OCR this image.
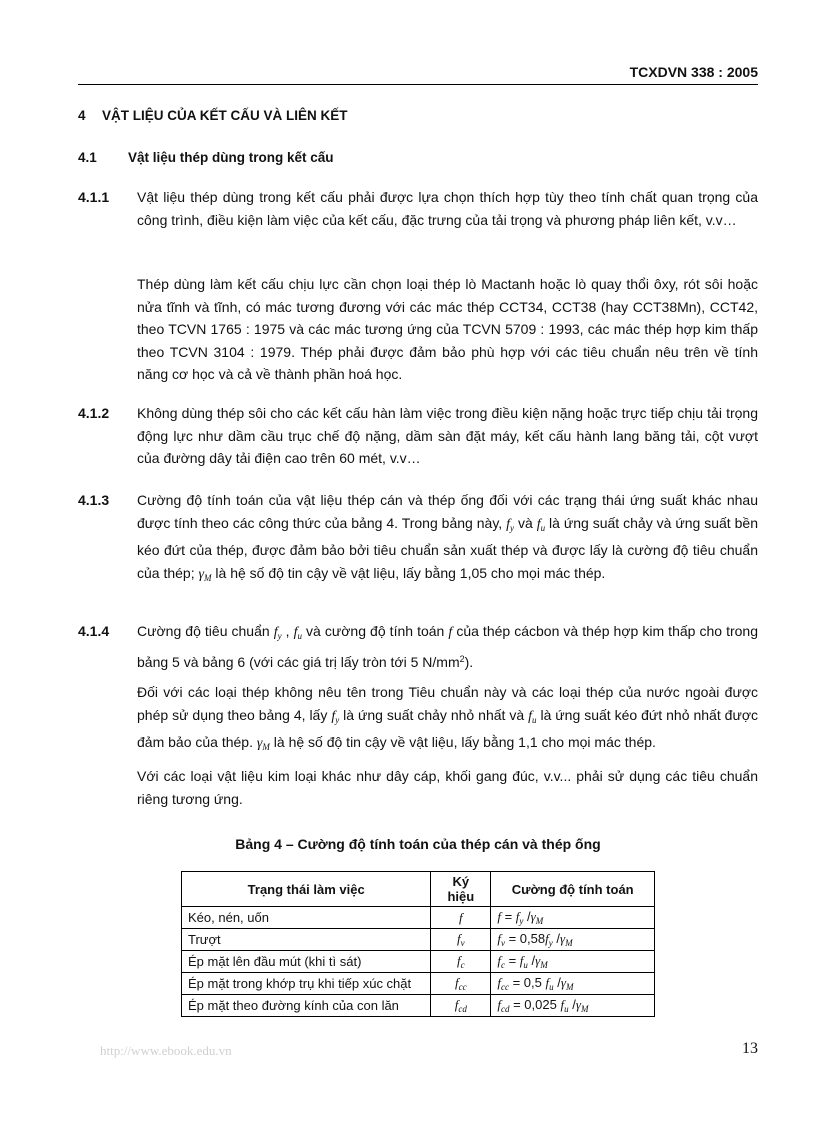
TCXDVN 338 : 2005
4 VẬT LIỆU CỦA KẾT CẤU VÀ LIÊN KẾT
4.1 Vật liệu thép dùng trong kết cấu
4.1.1 Vật liệu thép dùng trong kết cấu phải được lựa chọn thích hợp tùy theo tính chất quan trọng của công trình, điều kiện làm việc của kết cấu, đặc trưng của tải trọng và phương pháp liên kết, v.v…

Thép dùng làm kết cấu chịu lực cần chọn loại thép lò Mactanh hoặc lò quay thổi ôxy, rót sôi hoặc nửa tĩnh và tĩnh, có mác tương đương với các mác thép CCT34, CCT38 (hay CCT38Mn), CCT42, theo TCVN 1765 : 1975 và các mác tương ứng của TCVN 5709 : 1993, các mác thép hợp kim thấp theo TCVN 3104 : 1979. Thép phải được đảm bảo phù hợp với các tiêu chuẩn nêu trên về tính năng cơ học và cả về thành phần hoá học.

4.1.2 Không dùng thép sôi cho các kết cấu hàn làm việc trong điều kiện nặng hoặc trực tiếp chịu tải trọng động lực như dầm cầu trục chế độ nặng, dầm sàn đặt máy, kết cấu hành lang băng tải, cột vượt của đường dây tải điện cao trên 60 mét, v.v…

4.1.3 Cường độ tính toán của vật liệu thép cán và thép ống đối với các trạng thái ứng suất khác nhau được tính theo các công thức của bảng 4. Trong bảng này, $f_y$ và $f_u$ là ứng suất chảy và ứng suất bền kéo đứt của thép, được đảm bảo bởi tiêu chuẩn sản xuất thép và được lấy là cường độ tiêu chuẩn của thép; $\gamma_M$ là hệ số độ tin cậy về vật liệu, lấy bằng 1,05 cho mọi mác thép.

4.1.4 Cường độ tiêu chuẩn $f_y$ , $f_u$ và cường độ tính toán f của thép cácbon và thép hợp kim thấp cho trong bảng 5 và bảng 6 (với các giá trị lấy tròn tới 5 $N/mm^2$).

Đối với các loại thép không nêu tên trong Tiêu chuẩn này và các loại thép của nước ngoài được phép sử dụng theo bảng 4, lấy $f_y$ là ứng suất chảy nhỏ nhất và $f_u$ là ứng suất kéo đứt nhỏ nhất được đảm bảo của thép. $\gamma_M$ là hệ số độ tin cậy về vật liệu, lấy bằng 1,1 cho mọi mác thép.

Với các loại vật liệu kim loại khác như dây cáp, khối gang đúc, v.v... phải sử dụng các tiêu chuẩn riêng tương ứng.

Bảng 4 – Cường độ tính toán của thép cán và thép ống
Trạng thái làm việc	Ký hiệu	Cường độ tính toán
Kéo, nén, uốn	f	$f = f_y$ $/\gamma_M$
Trượt	$f_v$	$f_v = 0,58f_y$ $/\gamma_M$
Ép mặt lên đầu mút (khi tì sát)	$f_c$	$f_c = f_u$ $/\gamma_M$
Ép mặt trong khớp trụ khi tiếp xúc chặt	$f_{cc}$	$f_{cc} = 0,5$ $f_u$ $/\gamma_M$
Ép mặt theo đường kính của con lăn	$f_{cd}$	$f_{cd} = 0,025$ $f_u$ $/\gamma_M$
http://www.ebook.edu.vn	13
